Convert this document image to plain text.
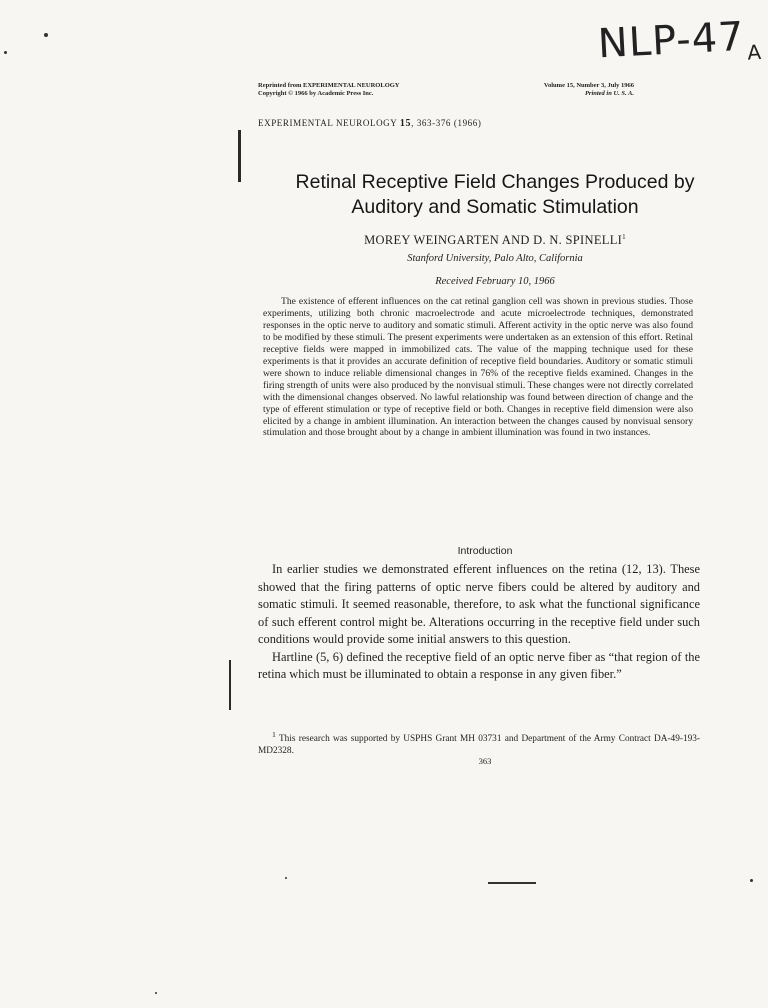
NLP-$47_A$
Reprinted from EXPERIMENTAL NEUROLOGY
Copyright © 1966 by Academic Press Inc.
Volume 15, Number 3, July 1966
Printed in U. S. A.
EXPERIMENTAL NEUROLOGY 15, 363-376 (1966)
Retinal Receptive Field Changes Produced by
Auditory and Somatic Stimulation
MOREY WEINGARTEN AND D. N. SPINELLI$^1$
Stanford University, Palo Alto, California
Received February 10, 1966
The existence of efferent influences on the cat retinal ganglion cell was shown in previous studies. Those experiments, utilizing both chronic macroelectrode and acute microelectrode techniques, demonstrated responses in the optic nerve to auditory and somatic stimuli. Afferent activity in the optic nerve was also found to be modified by these stimuli. The present experiments were undertaken as an extension of this effort. Retinal receptive fields were mapped in immobilized cats. The value of the mapping technique used for these experiments is that it provides an accurate definition of receptive field boundaries. Auditory or somatic stimuli were shown to induce reliable dimensional changes in 76% of the receptive fields examined. Changes in the firing strength of units were also produced by the nonvisual stimuli. These changes were not directly correlated with the dimensional changes observed. No lawful relationship was found between direction of change and the type of efferent stimulation or type of receptive field or both. Changes in receptive field dimension were also elicited by a change in ambient illumination. An interaction between the changes caused by nonvisual sensory stimulation and those brought about by a change in ambient illumination was found in two instances.
Introduction

In earlier studies we demonstrated efferent influences on the retina (12, 13). These showed that the firing patterns of optic nerve fibers could be altered by auditory and somatic stimuli. It seemed reasonable, therefore, to ask what the functional significance of such efferent control might be. Alterations occurring in the receptive field under such conditions would provide some initial answers to this question.

Hartline (5, 6) defined the receptive field of an optic nerve fiber as “that region of the retina which must be illuminated to obtain a response in any given fiber.”

$^1$ This research was supported by USPHS Grant MH 03731 and Department of the Army Contract DA-49-193-MD2328.

363
